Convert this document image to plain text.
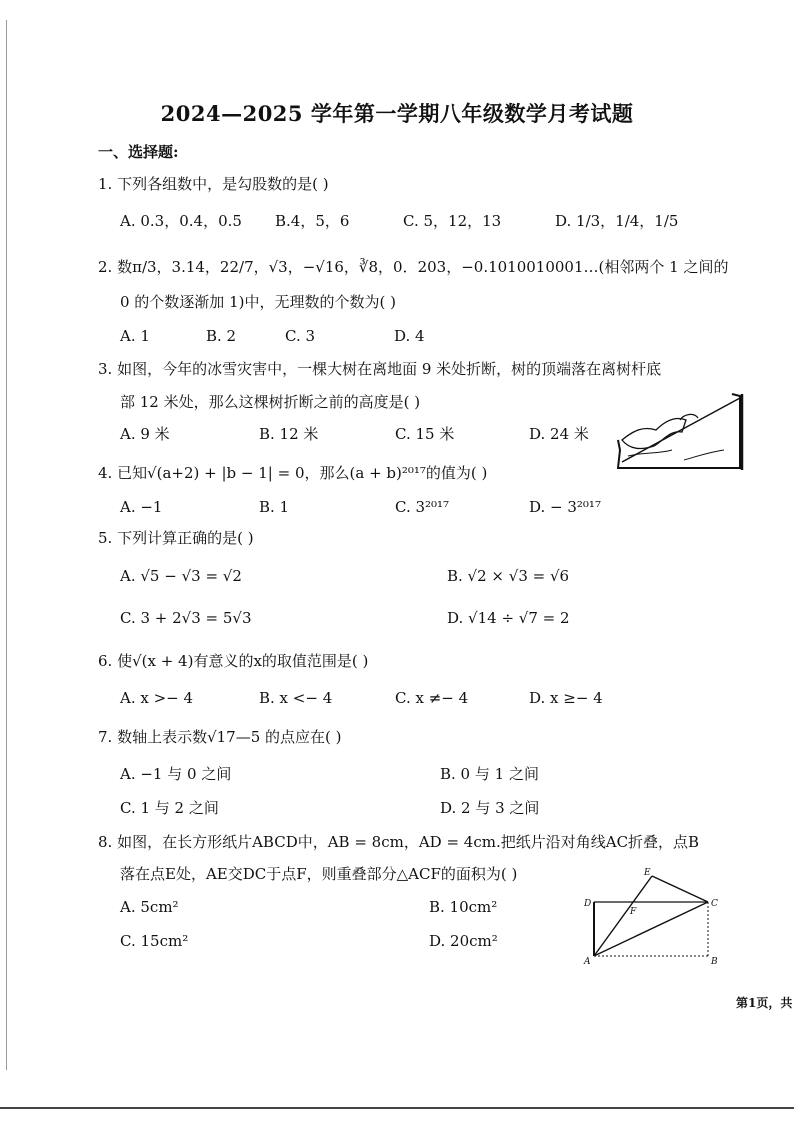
2024—2025 学年第一学期八年级数学月考试题
一、选择题:
1. 下列各组数中，是勾股数的是( )
A. 0.3，0.4，0.5 B.4，5，6	C. 5，12，13	D. 1/3，1/4，1/5
2. 数π/3，3.14，22/7，√3，−√16，∛8，0．203，−0.1010010001…(相邻两个 1 之间的
0 的个数逐渐加 1)中，无理数的个数为( )
A. 1	B. 2	C. 3	D. 4
3. 如图，今年的冰雪灾害中，一棵大树在离地面 9 米处折断，树的顶端落在离树杆底
部 12 米处，那么这棵树折断之前的高度是( )
A. 9 米	B. 12 米	C. 15 米	D. 24 米
4. 已知√(a+2) + |b − 1| = 0，那么(a + b)²⁰¹⁷的值为( )
A. −1	B. 1	C. 3²⁰¹⁷	D. − 3²⁰¹⁷
5. 下列计算正确的是( )
A. √5 − √3 = √2	B. √2 × √3 = √6
C. 3 + 2√3 = 5√3	D. √14 ÷ √7 = 2
6. 使√(x + 4)有意义的x的取值范围是( )
A. x >− 4	B. x <− 4	C. x ≠− 4	D. x ≥− 4
7. 数轴上表示数√17—5 的点应在( )
A. −1 与 0 之间	B. 0 与 1 之间
C. 1 与 2 之间	D. 2 与 3 之间
8. 如图，在长方形纸片ABCD中，AB = 8cm，AD = 4cm.把纸片沿对角线AC折叠，点B
落在点E处，AE交DC于点F，则重叠部分△ACF的面积为( )
A. 5cm²	B. 10cm²
C. 15cm²	D. 20cm²
A	B
C
D
E
F
第1页，共
